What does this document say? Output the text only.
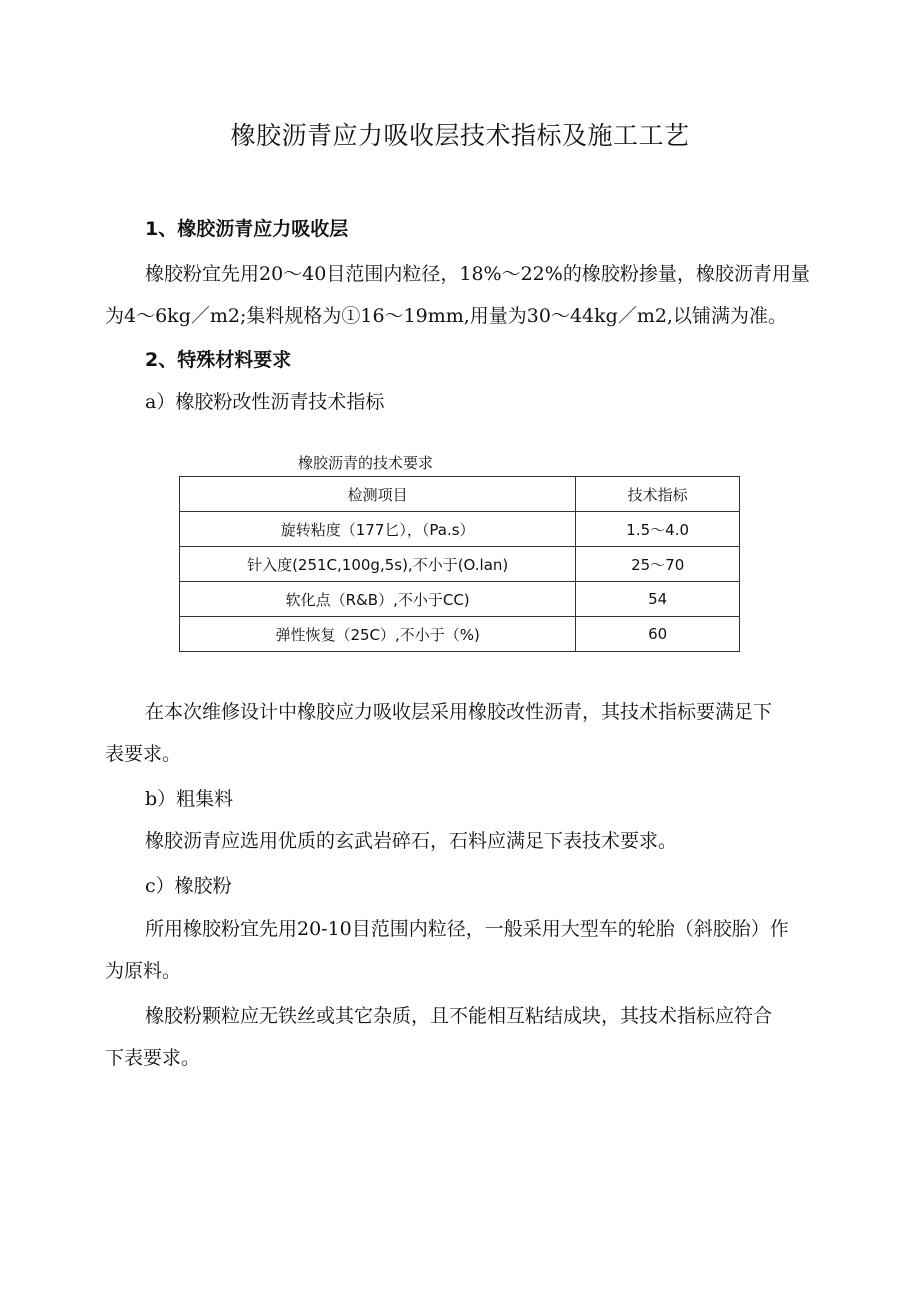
橡胶沥青应力吸收层技术指标及施工工艺
1、橡胶沥青应力吸收层
橡胶粉宜先用20～40目范围内粒径，18%～22%的橡胶粉掺量，橡胶沥青用量
为4～6kg／m2;集料规格为①16～19mm,用量为30～44kg／m2,以铺满为准。
2、特殊材料要求
a）橡胶粉改性沥青技术指标
橡胶沥青的技术要求
检测项目	技术指标
旋转粘度（177匕），（Pa.s）	1.5～4.0
针入度(251C,100g,5s),不小于(O.lan)	25～70
软化点（R&B）,不小于CC)	54
弹性恢复（25C）,不小于（%)	60
在本次维修设计中橡胶应力吸收层采用橡胶改性沥青，其技术指标要满足下
表要求。
b）粗集料
橡胶沥青应选用优质的玄武岩碎石，石料应满足下表技术要求。
c）橡胶粉
所用橡胶粉宜先用20-10目范围内粒径，一般采用大型车的轮胎（斜胶胎）作
为原料。
橡胶粉颗粒应无铁丝或其它杂质，且不能相互粘结成块，其技术指标应符合
下表要求。
